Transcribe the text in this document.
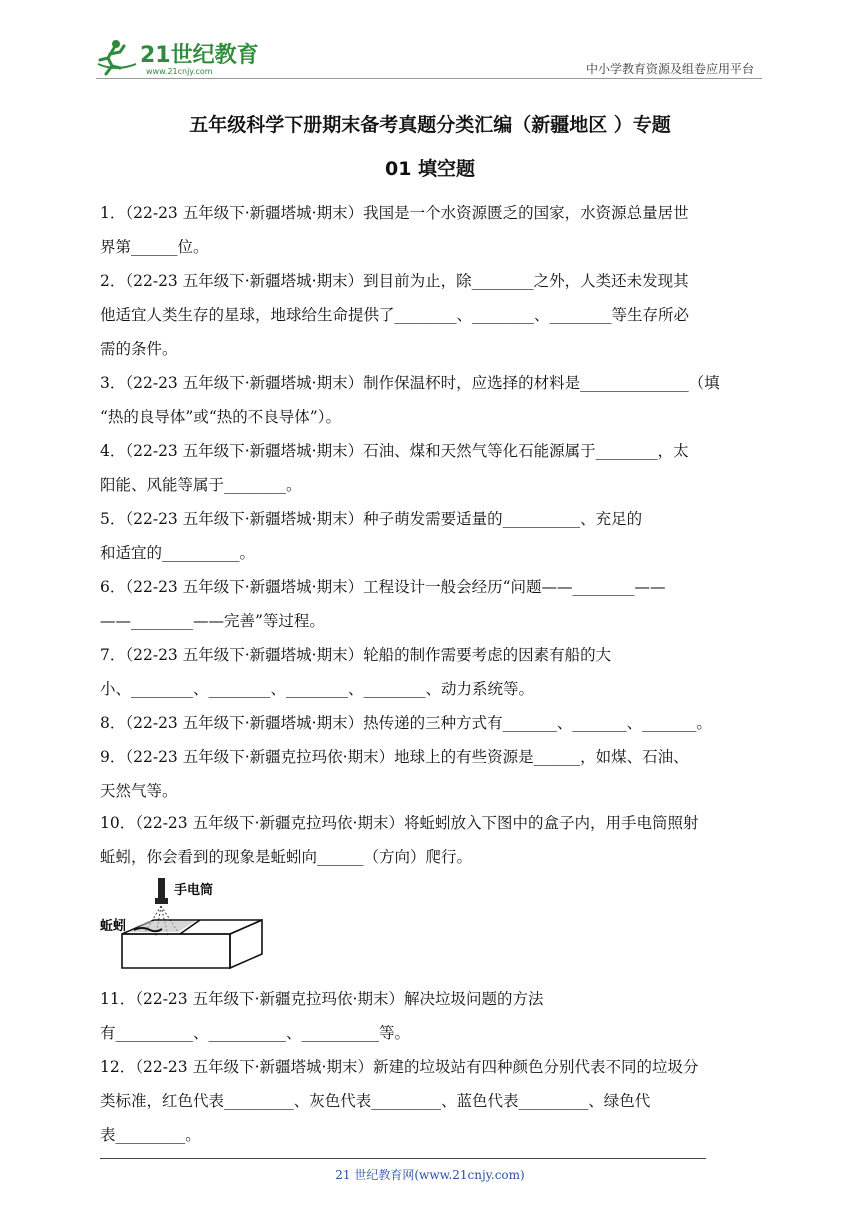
21世纪教育
www.21cnjy.com	中小学教育资源及组卷应用平台
五年级科学下册期末备考真题分类汇编（新疆地区 ）专题
01 填空题
1．（22-23 五年级下·新疆塔城·期末）我国是一个水资源匮乏的国家，水资源总量居世
界第______位。
2．（22-23 五年级下·新疆塔城·期末）到目前为止，除________之外，人类还未发现其
他适宜人类生存的星球，地球给生命提供了________、________、________等生存所必
需的条件。
3．（22-23 五年级下·新疆塔城·期末）制作保温杯时，应选择的材料是______________（填
“热的良导体”或“热的不良导体”）。
4．（22-23 五年级下·新疆塔城·期末）石油、煤和天然气等化石能源属于________，太
阳能、风能等属于________。
5．（22-23 五年级下·新疆塔城·期末）种子萌发需要适量的__________、充足的
和适宜的__________。
6．（22-23 五年级下·新疆塔城·期末）工程设计一般会经历“问题——________——
——________——完善”等过程。
7．（22-23 五年级下·新疆塔城·期末）轮船的制作需要考虑的因素有船的大
小、________、________、________、________、动力系统等。
8．（22-23 五年级下·新疆塔城·期末）热传递的三种方式有_______、_______、_______。
9．（22-23 五年级下·新疆克拉玛依·期末）地球上的有些资源是______，如煤、石油、
天然气等。
10．（22-23 五年级下·新疆克拉玛依·期末）将蚯蚓放入下图中的盒子内，用手电筒照射
蚯蚓，你会看到的现象是蚯蚓向______（方向）爬行。
11．（22-23 五年级下·新疆克拉玛依·期末）解决垃圾问题的方法
有__________、__________、__________等。
12．（22-23 五年级下·新疆塔城·期末）新建的垃圾站有四种颜色分别代表不同的垃圾分
类标准，红色代表_________、灰色代表_________、蓝色代表_________、绿色代
表_________。
手电筒
蚯蚓
21 世纪教育网(www.21cnjy.com)
